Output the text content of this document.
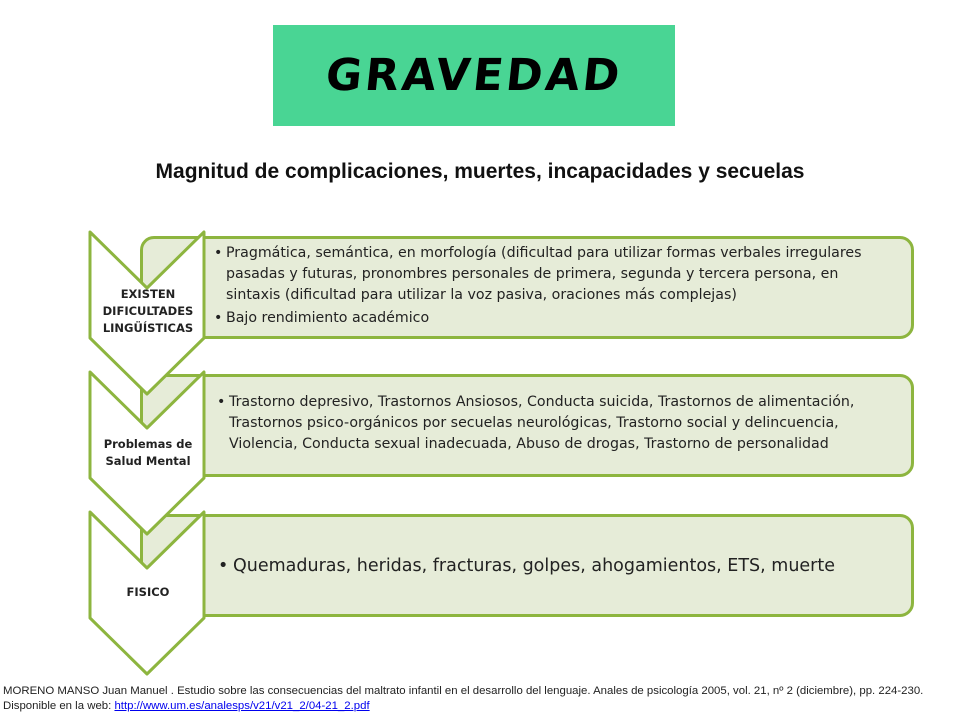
GRAVEDAD
Magnitud de complicaciones, muertes, incapacidades y secuelas
• Pragmática, semántica, en morfología (dificultad para utilizar formas verbales irregulares pasadas y futuras, pronombres personales de primera, segunda y tercera persona, en sintaxis (dificultad para utilizar la voz pasiva, oraciones más complejas)
• Bajo rendimiento académico
• Trastorno depresivo, Trastornos Ansiosos, Conducta suicida, Trastornos de alimentación, Trastornos psico-orgánicos por secuelas neurológicas, Trastorno social y delincuencia, Violencia, Conducta sexual inadecuada, Abuso de drogas, Trastorno de personalidad
• Quemaduras, heridas, fracturas, golpes, ahogamientos, ETS, muerte
EXISTEN DIFICULTADES LINGÜÍSTICAS
Problemas de Salud Mental
FISICO
MORENO MANSO Juan Manuel . Estudio sobre las consecuencias del maltrato infantil en el desarrollo del lenguaje. Anales de psicología 2005, vol. 21, nº 2 (diciembre), pp. 224-230. Disponible en la web: http://www.um.es/analesps/v21/v21_2/04-21_2.pdf
